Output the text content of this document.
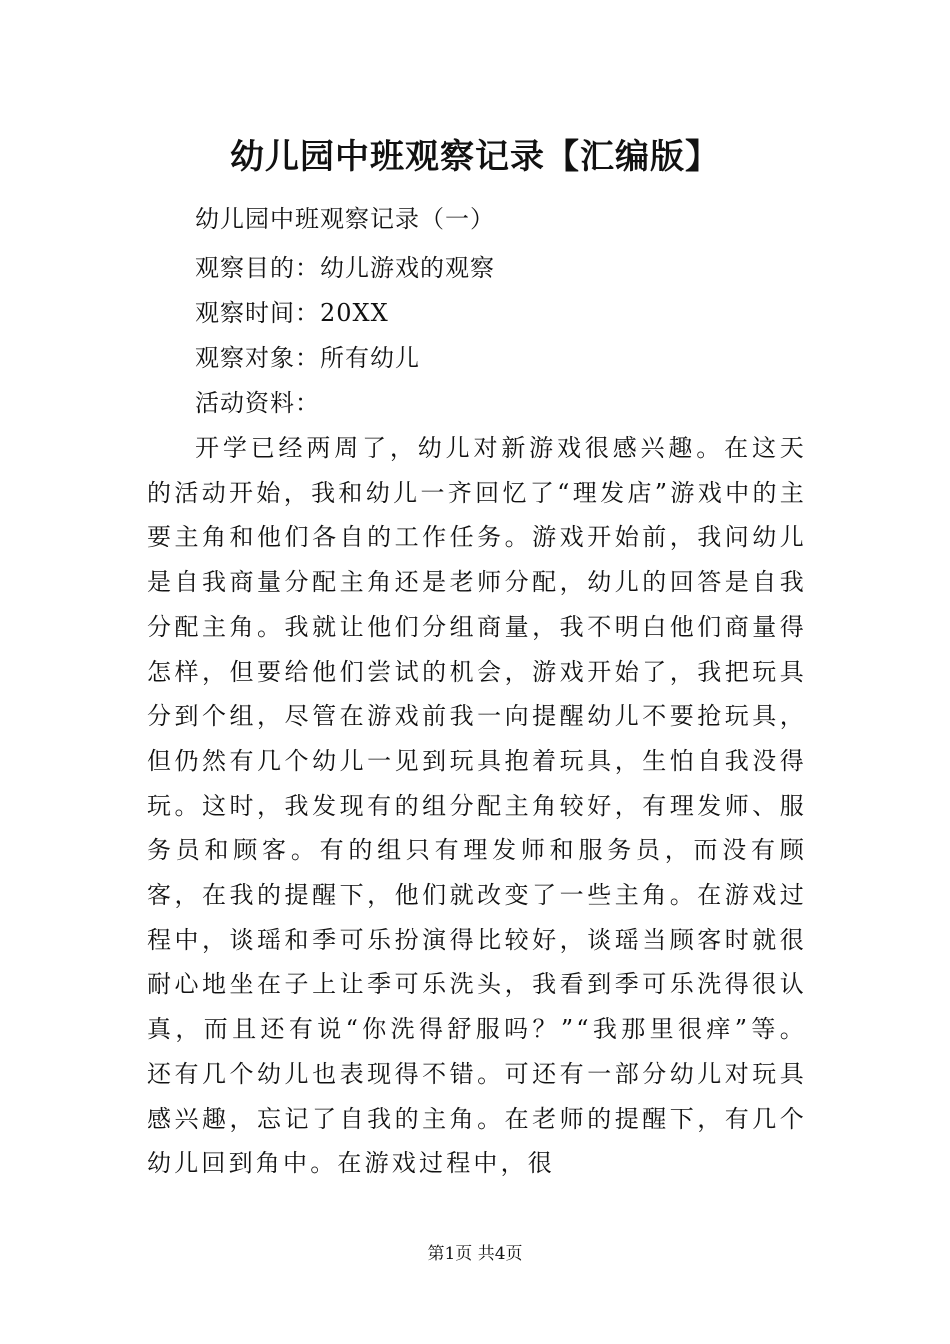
幼儿园中班观察记录【汇编版】

幼儿园中班观察记录（一）

观察目的：幼儿游戏的观察

观察时间：20XX

观察对象：所有幼儿

活动资料：

开学已经两周了，幼儿对新游戏很感兴趣。在这天的活动开始，我和幼儿一齐回忆了“理发店”游戏中的主要主角和他们各自的工作任务。游戏开始前，我问幼儿是自我商量分配主角还是老师分配，幼儿的回答是自我分配主角。我就让他们分组商量，我不明白他们商量得怎样，但要给他们尝试的机会，游戏开始了，我把玩具分到个组，尽管在游戏前我一向提醒幼儿不要抢玩具，但仍然有几个幼儿一见到玩具抱着玩具，生怕自我没得玩。这时，我发现有的组分配主角较好，有理发师、服务员和顾客。有的组只有理发师和服务员，而没有顾客，在我的提醒下，他们就改变了一些主角。在游戏过程中，谈瑶和季可乐扮演得比较好，谈瑶当顾客时就很耐心地坐在子上让季可乐洗头，我看到季可乐洗得很认真，而且还有说“你洗得舒服吗？”“我那里很痒”等。还有几个幼儿也表现得不错。可还有一部分幼儿对玩具感兴趣，忘记了自我的主角。在老师的提醒下，有几个幼儿回到角中。在游戏过程中，很

第1页 共4页
